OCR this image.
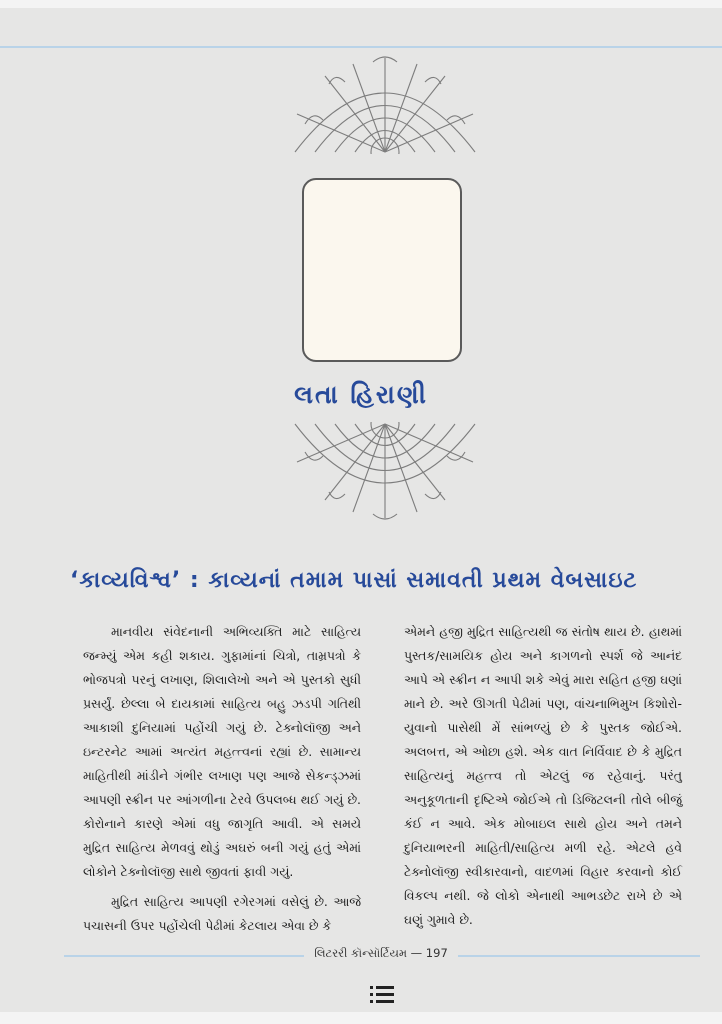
લતા હિરાણી
‘કાવ્યવિશ્વ’ : કાવ્યનાં તમામ પાસાં સમાવતી પ્રથમ વેબસાઇટ

માનવીય સંવેદનાની અભિવ્યક્તિ માટે સાહિત્ય જન્મ્યું એમ કહી શકાય. ગુફામાંનાં ચિત્રો, તામ્રપત્રો કે ભોજપત્રો પરનું લખાણ, શિલાલેખો અને એ પુસ્તકો સુધી પ્રસર્યું. છેલ્લા બે દાયકામાં સાહિત્ય બહુ ઝડપી ગતિથી આકાશી દુનિયામાં પહોંચી ગયું છે. ટેક્નોલૉજી અને ઇન્ટરનેટ આમાં અત્યંત મહત્ત્વનાં રહ્યાં છે. સામાન્ય માહિતીથી માંડીને ગંભીર લખાણ પણ આજે સેકન્ડ્ઝમાં આપણી સ્ક્રીન પર આંગળીના ટેરવે ઉપલબ્ધ થઈ ગયું છે. કોરોનાને કારણે એમાં વધુ જાગૃતિ આવી. એ સમયે મુદ્રિત સાહિત્ય મેળવવું થોડું અઘરું બની ગયું હતું એમાં લોકોને ટેક્નોલૉજી સાથે જીવતાં ફાવી ગયું.

મુદ્રિત સાહિત્ય આપણી રગેરગમાં વસેલું છે. આજે પચાસની ઉપર પહોંચેલી પેઢીમાં કેટલાય એવા છે કે

એમને હજી મુદ્રિત સાહિત્યથી જ સંતોષ થાય છે. હાથમાં પુસ્તક/સામયિક હોય અને કાગળનો સ્પર્શ જે આનંદ આપે એ સ્ક્રીન ન આપી શકે એવું મારા સહિત હજી ઘણાં માને છે. અરે ઊગતી પેઢીમાં પણ, વાંચનાભિમુખ કિશોરો-યુવાનો પાસેથી મેં સાંભળ્યું છે કે પુસ્તક જોઈએ. અલબત્ત, એ ઓછા હશે. એક વાત નિર્વિવાદ છે કે મુદ્રિત સાહિત્યનું મહત્ત્વ તો એટલું જ રહેવાનું. પરંતુ અનુકૂળતાની દૃષ્ટિએ જોઈએ તો ડિજિટલની તોલે બીજું કંઈ ન આવે. એક મોબાઇલ સાથે હોય અને તમને દુનિયાભરની માહિતી/સાહિત્ય મળી રહે. એટલે હવે ટેક્નોલૉજી સ્વીકારવાનો, વાદળમાં વિહાર કરવાનો કોઈ વિકલ્પ નથી. જે લોકો એનાથી આભડછેટ રાખે છે એ ઘણું ગુમાવે છે.

લિટરરી કૉન્સૉર્ટિયમ — 197
